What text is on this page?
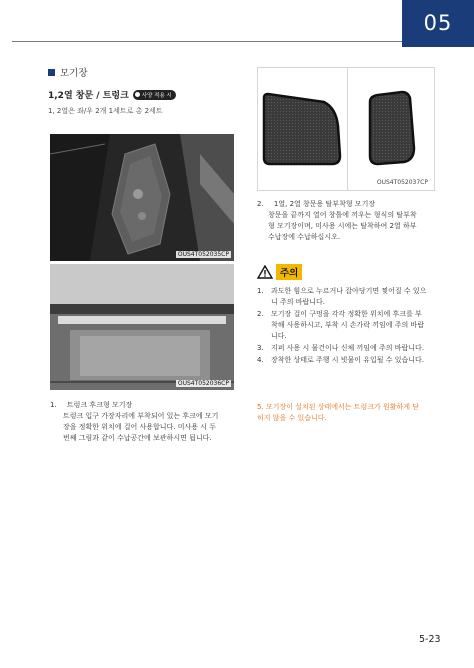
05
모기장
1,2열 창문 / 트렁크 사양 적용 시
1, 2열은 좌/우 2개 1세트로 총 2세트
OUS4T052035CP
OUS4T052036CP
1. 트렁크 후크형 모기장
트렁크 입구 가장자리에 부착되어 있는 후크에 모기
장을 정확한 위치에 걸어 사용합니다. 미사용 시 두
번째 그림과 같이 수납공간에 보관하시면 됩니다.
OUS4T052037CP
2. 1열, 2열 창문용 탈부착형 모기장
창문을 끝까지 열어 창틀에 끼우는 형식의 탈부착
형 모기장이며, 미사용 시에는 탈착하여 2열 하부
수납장에 수납하십시오.
주의
1.	과도한 힘으로 누르거나 잡아당기면 찢어질 수 있으
니 주의 바랍니다.
2.	모기장 걸이 구멍을 각각 정확한 위치에 후크를 부
착해 사용하시고, 부착 시 손가락 끼임에 주의 바랍
니다.
3.	지퍼 사용 시 물건이나 신체 끼임에 주의 바랍니다.
4.	장착한 상태로 주행 시 빗물이 유입될 수 있습니다.
5. 모기장이 설치된 상태에서는 트렁크가 원활하게 닫
히지 않을 수 있습니다.
5-23
